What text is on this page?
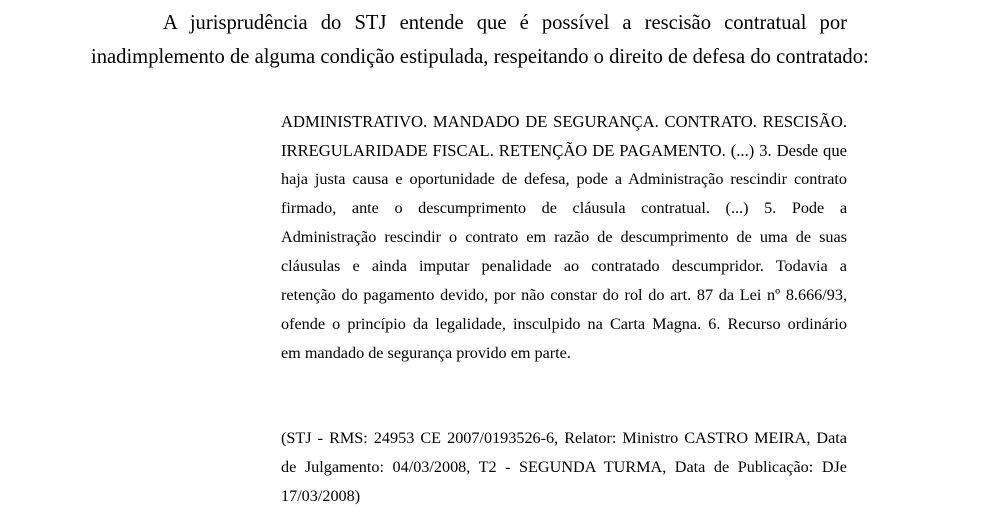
A jurisprudência do STJ entende que é possível a rescisão contratual por
inadimplemento de alguma condição estipulada, respeitando o direito de defesa do contratado:

ADMINISTRATIVO. MANDADO DE SEGURANÇA. CONTRATO. RESCISÃO.
IRREGULARIDADE FISCAL. RETENÇÃO DE PAGAMENTO. (...) 3. Desde que
haja justa causa e oportunidade de defesa, pode a Administração rescindir contrato
firmado, ante o descumprimento de cláusula contratual. (...) 5. Pode a
Administração rescindir o contrato em razão de descumprimento de uma de suas
cláusulas e ainda imputar penalidade ao contratado descumpridor. Todavia a
retenção do pagamento devido, por não constar do rol do art. 87 da Lei nº 8.666/93,
ofende o princípio da legalidade, insculpido na Carta Magna. 6. Recurso ordinário
em mandado de segurança provido em parte.

(STJ - RMS: 24953 CE 2007/0193526-6, Relator: Ministro CASTRO MEIRA, Data
de Julgamento: 04/03/2008, T2 - SEGUNDA TURMA, Data de Publicação: DJe
17/03/2008)
